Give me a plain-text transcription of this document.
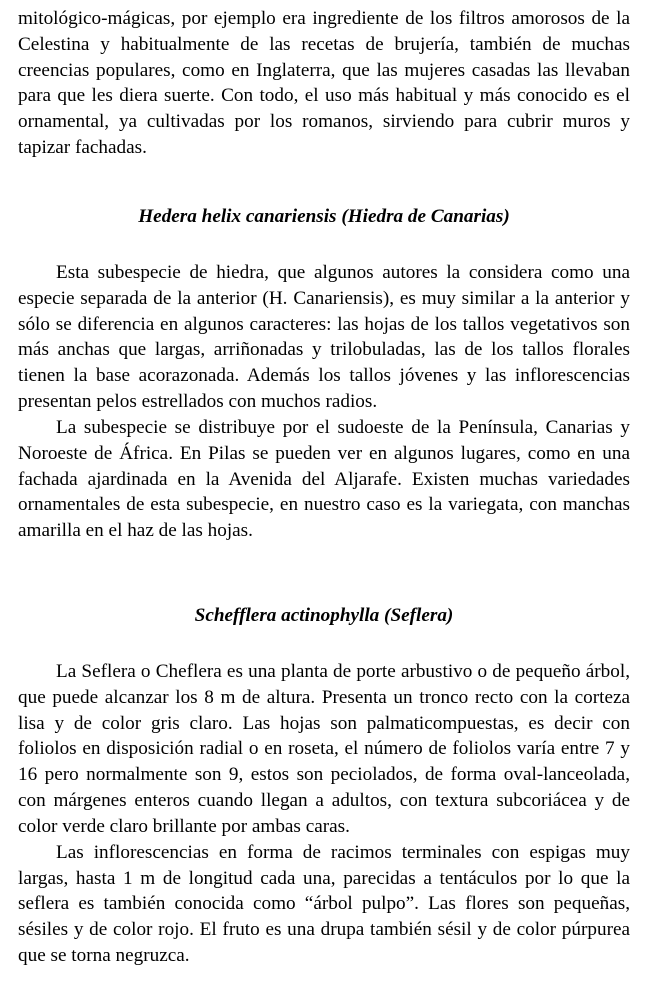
mitológico-mágicas, por ejemplo era ingrediente de los filtros amorosos de la Celestina y habitualmente de las recetas de brujería, también de muchas creencias populares, como en Inglaterra, que las mujeres casadas las llevaban para que les diera suerte. Con todo, el uso más habitual y más conocido es el ornamental, ya cultivadas por los romanos, sirviendo para cubrir muros y tapizar fachadas.

Hedera helix canariensis (Hiedra de Canarias)

Esta subespecie de hiedra, que algunos autores la considera como una especie separada de la anterior (H. Canariensis), es muy similar a la anterior y sólo se diferencia en algunos caracteres: las hojas de los tallos vegetativos son más anchas que largas, arriñonadas y trilobuladas, las de los tallos florales tienen la base acorazonada. Además los tallos jóvenes y las inflorescencias presentan pelos estrellados con muchos radios.

La subespecie se distribuye por el sudoeste de la Península, Canarias y Noroeste de África. En Pilas se pueden ver en algunos lugares, como en una fachada ajardinada en la Avenida del Aljarafe. Existen muchas variedades ornamentales de esta subespecie, en nuestro caso es la variegata, con manchas amarilla en el haz de las hojas.

Schefflera actinophylla (Seflera)

La Seflera o Cheflera es una planta de porte arbustivo o de pequeño árbol, que puede alcanzar los 8 m de altura. Presenta un tronco recto con la corteza lisa y de color gris claro. Las hojas son palmaticompuestas, es decir con foliolos en disposición radial o en roseta, el número de foliolos varía entre 7 y 16 pero normalmente son 9, estos son peciolados, de forma oval-lanceolada, con márgenes enteros cuando llegan a adultos, con textura subcoriácea y de color verde claro brillante por ambas caras.

Las inflorescencias en forma de racimos terminales con espigas muy largas, hasta 1 m de longitud cada una, parecidas a tentáculos por lo que la seflera es también conocida como “árbol pulpo”. Las flores son pequeñas, sésiles y de color rojo. El fruto es una drupa también sésil y de color púrpurea que se torna negruzca.
